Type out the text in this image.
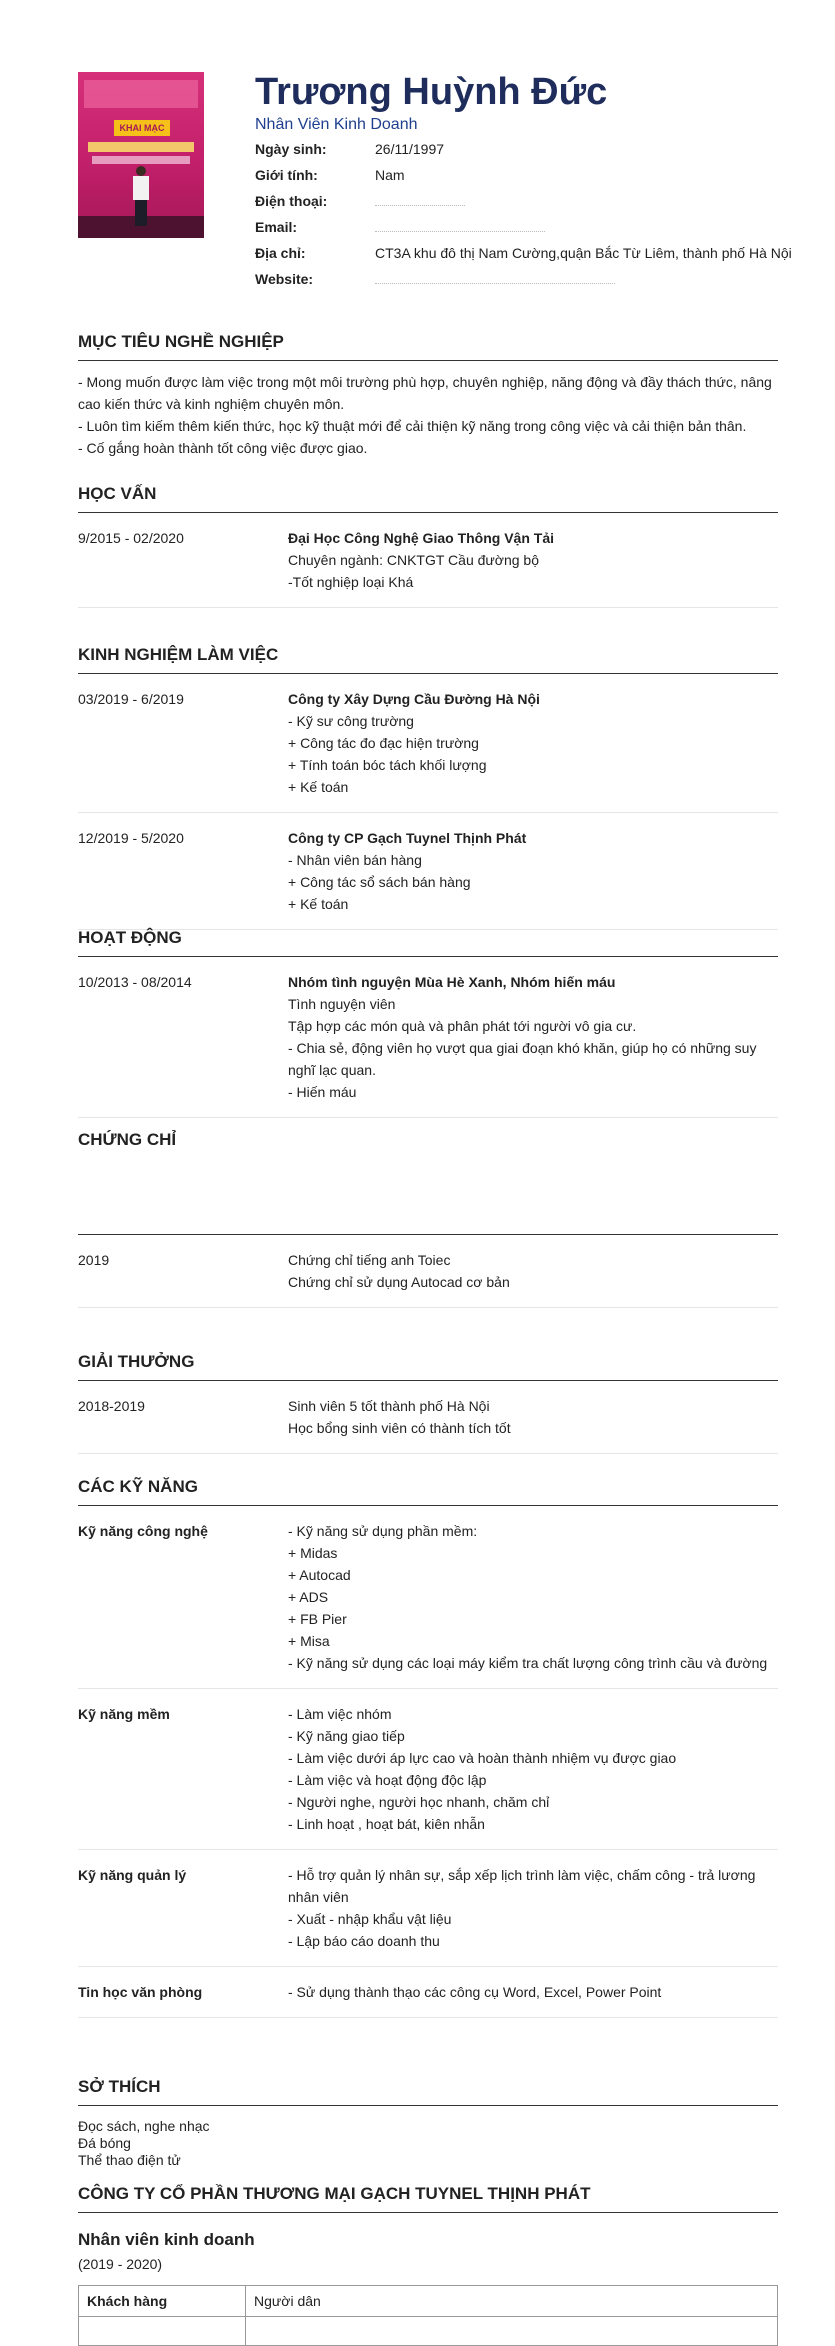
KHAI MẠC
Trương Huỳnh Đức
Nhân Viên Kinh Doanh
Ngày sinh:	26/11/1997
Giới tính:	Nam
Điện thoại:
Email:
Địa chỉ:	CT3A khu đô thị Nam Cường,quận Bắc Từ Liêm, thành phố Hà Nội
Website:
MỤC TIÊU NGHỀ NGHIỆP
- Mong muốn được làm việc trong một môi trường phù hợp, chuyên nghiệp, năng động và đầy thách thức, nâng cao kiến thức và kinh nghiệm chuyên môn.
- Luôn tìm kiếm thêm kiến thức, học kỹ thuật mới để cải thiện kỹ năng trong công việc và cải thiện bản thân.
- Cố gắng hoàn thành tốt công việc được giao.
HỌC VẤN
9/2015 - 02/2020	Đại Học Công Nghệ Giao Thông Vận Tải
Chuyên ngành: CNKTGT Cầu đường bộ
-Tốt nghiệp loại Khá
KINH NGHIỆM LÀM VIỆC
03/2019 - 6/2019	Công ty Xây Dựng Cầu Đường Hà Nội
- Kỹ sư công trường
+ Công tác đo đạc hiện trường
+ Tính toán bóc tách khối lượng
+ Kế toán
12/2019 - 5/2020	Công ty CP Gạch Tuynel Thịnh Phát
- Nhân viên bán hàng
+ Công tác sổ sách bán hàng
+ Kế toán
HOẠT ĐỘNG
10/2013 - 08/2014	Nhóm tình nguyện Mùa Hè Xanh, Nhóm hiến máu
Tình nguyện viên
Tập hợp các món quà và phân phát tới người vô gia cư.
- Chia sẻ, động viên họ vượt qua giai đoạn khó khăn, giúp họ có những suy nghĩ lạc quan.
- Hiến máu
CHỨNG CHỈ
2019	Chứng chỉ tiếng anh Toiec
Chứng chỉ sử dụng Autocad cơ bản
GIẢI THƯỞNG
2018-2019	Sinh viên 5 tốt thành phố Hà Nội
Học bổng sinh viên có thành tích tốt
CÁC KỸ NĂNG
Kỹ năng công nghệ	- Kỹ năng sử dụng phần mềm:
+ Midas
+ Autocad
+ ADS
+ FB Pier
+ Misa
- Kỹ năng sử dụng các loại máy kiểm tra chất lượng công trình cầu và đường
Kỹ năng mềm	- Làm việc nhóm
- Kỹ năng giao tiếp
- Làm việc dưới áp lực cao và hoàn thành nhiệm vụ được giao
- Làm việc và hoạt động độc lập
- Người nghe, người học nhanh, chăm chỉ
- Linh hoạt , hoạt bát, kiên nhẫn
Kỹ năng quản lý	- Hỗ trợ quản lý nhân sự, sắp xếp lịch trình làm việc, chấm công - trả lương nhân viên
- Xuất - nhập khẩu vật liệu
- Lập báo cáo doanh thu
Tin học văn phòng	- Sử dụng thành thạo các công cụ Word, Excel, Power Point
SỞ THÍCH
Đọc sách, nghe nhạc
Đá bóng
Thể thao điện tử
CÔNG TY CỔ PHẦN THƯƠNG MẠI GẠCH TUYNEL THỊNH PHÁT
Nhân viên kinh doanh
(2019 - 2020)
Khách hàng	Người dân
